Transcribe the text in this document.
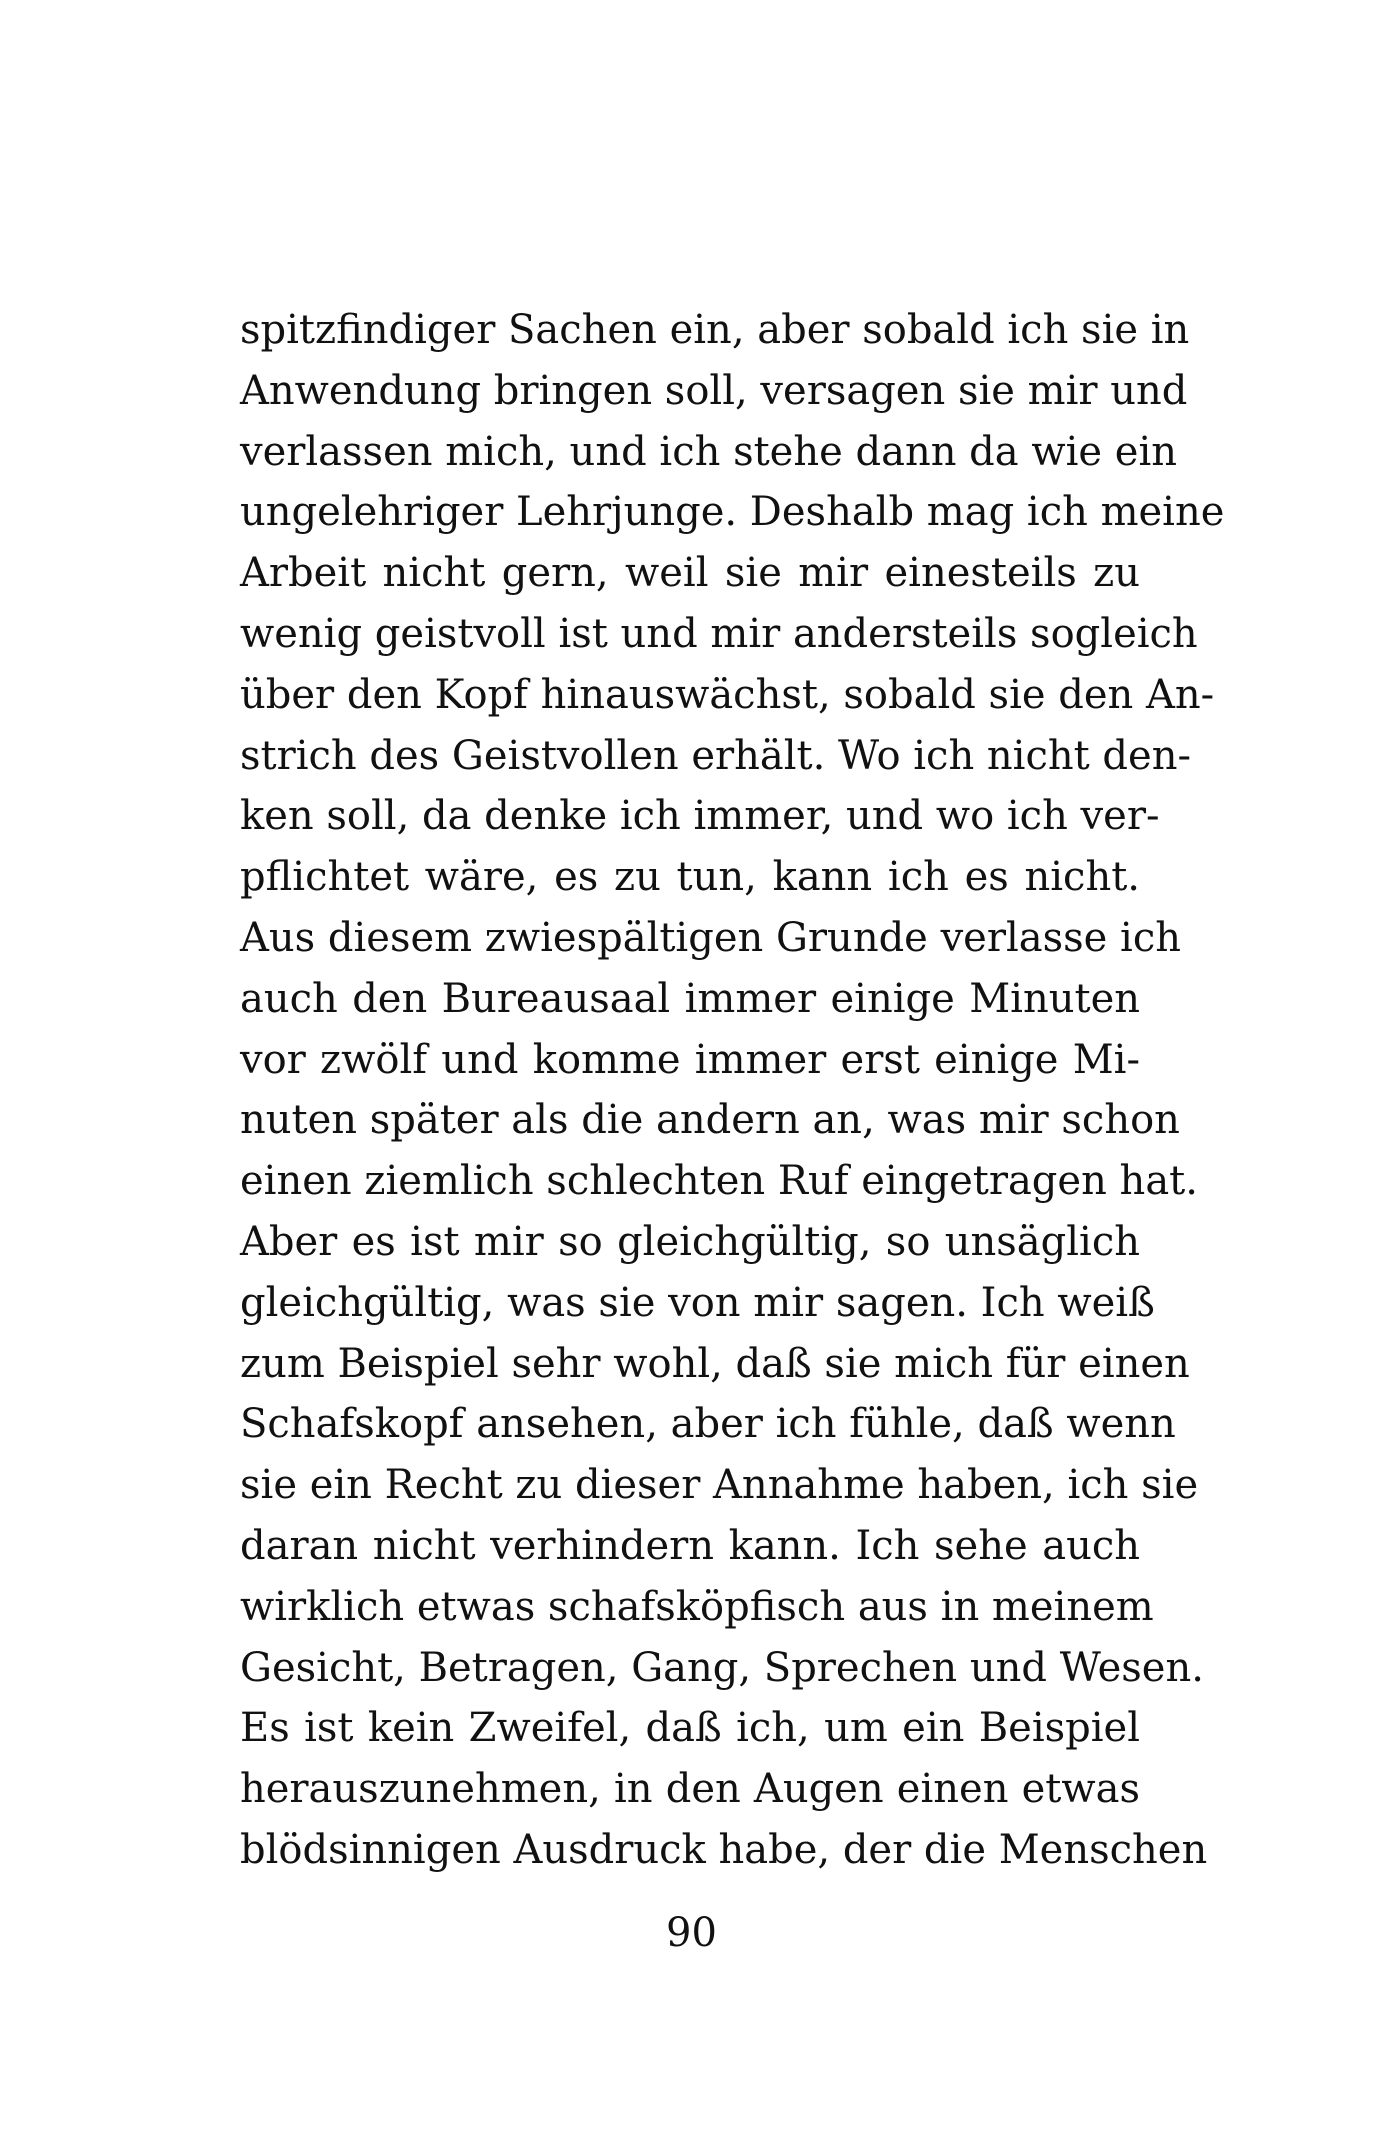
spitzfindiger Sachen ein, aber sobald ich sie in
Anwendung bringen soll, versagen sie mir und
verlassen mich, und ich stehe dann da wie ein
ungelehriger Lehrjunge. Deshalb mag ich meine
Arbeit nicht gern, weil sie mir einesteils zu
wenig geistvoll ist und mir andersteils sogleich
über den Kopf hinauswächst, sobald sie den An-
strich des Geistvollen erhält. Wo ich nicht den-
ken soll, da denke ich immer, und wo ich ver-
pflichtet wäre, es zu tun, kann ich es nicht.
Aus diesem zwiespältigen Grunde verlasse ich
auch den Bureausaal immer einige Minuten
vor zwölf und komme immer erst einige Mi-
nuten später als die andern an, was mir schon
einen ziemlich schlechten Ruf eingetragen hat.
Aber es ist mir so gleichgültig, so unsäglich
gleichgültig, was sie von mir sagen. Ich weiß
zum Beispiel sehr wohl, daß sie mich für einen
Schafskopf ansehen, aber ich fühle, daß wenn
sie ein Recht zu dieser Annahme haben, ich sie
daran nicht verhindern kann. Ich sehe auch
wirklich etwas schafsköpfisch aus in meinem
Gesicht, Betragen, Gang, Sprechen und Wesen.
Es ist kein Zweifel, daß ich, um ein Beispiel
herauszunehmen, in den Augen einen etwas
blödsinnigen Ausdruck habe, der die Menschen
90
